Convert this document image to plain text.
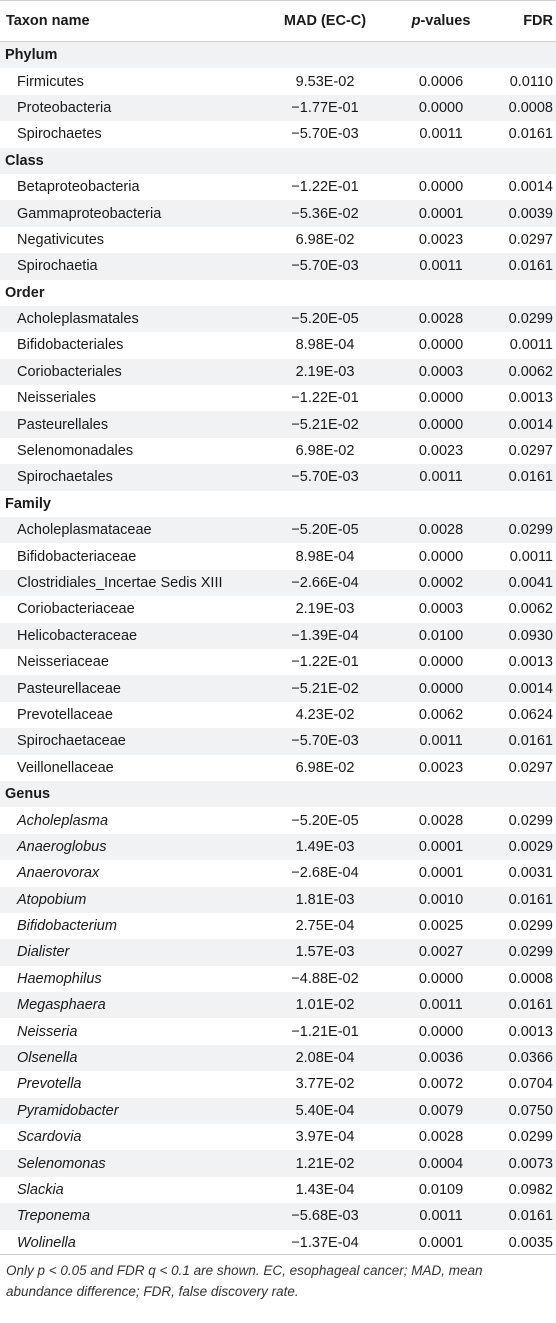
Taxon name	MAD (EC-C)	p -values	FDR
Phylum
Firmicutes	9.53E-02	0.0006	0.0110
Proteobacteria	−1.77E-01	0.0000	0.0008
Spirochaetes	−5.70E-03	0.0011	0.0161
Class
Betaproteobacteria	−1.22E-01	0.0000	0.0014
Gammaproteobacteria	−5.36E-02	0.0001	0.0039
Negativicutes	6.98E-02	0.0023	0.0297
Spirochaetia	−5.70E-03	0.0011	0.0161
Order
Acholeplasmatales	−5.20E-05	0.0028	0.0299
Bifidobacteriales	8.98E-04	0.0000	0.0011
Coriobacteriales	2.19E-03	0.0003	0.0062
Neisseriales	−1.22E-01	0.0000	0.0013
Pasteurellales	−5.21E-02	0.0000	0.0014
Selenomonadales	6.98E-02	0.0023	0.0297
Spirochaetales	−5.70E-03	0.0011	0.0161
Family
Acholeplasmataceae	−5.20E-05	0.0028	0.0299
Bifidobacteriaceae	8.98E-04	0.0000	0.0011
Clostridiales_Incertae Sedis XIII	−2.66E-04	0.0002	0.0041
Coriobacteriaceae	2.19E-03	0.0003	0.0062
Helicobacteraceae	−1.39E-04	0.0100	0.0930
Neisseriaceae	−1.22E-01	0.0000	0.0013
Pasteurellaceae	−5.21E-02	0.0000	0.0014
Prevotellaceae	4.23E-02	0.0062	0.0624
Spirochaetaceae	−5.70E-03	0.0011	0.0161
Veillonellaceae	6.98E-02	0.0023	0.0297
Genus
Acholeplasma	−5.20E-05	0.0028	0.0299
Anaeroglobus	1.49E-03	0.0001	0.0029
Anaerovorax	−2.68E-04	0.0001	0.0031
Atopobium	1.81E-03	0.0010	0.0161
Bifidobacterium	2.75E-04	0.0025	0.0299
Dialister	1.57E-03	0.0027	0.0299
Haemophilus	−4.88E-02	0.0000	0.0008
Megasphaera	1.01E-02	0.0011	0.0161
Neisseria	−1.21E-01	0.0000	0.0013
Olsenella	2.08E-04	0.0036	0.0366
Prevotella	3.77E-02	0.0072	0.0704
Pyramidobacter	5.40E-04	0.0079	0.0750
Scardovia	3.97E-04	0.0028	0.0299
Selenomonas	1.21E-02	0.0004	0.0073
Slackia	1.43E-04	0.0109	0.0982
Treponema	−5.68E-03	0.0011	0.0161
Wolinella	−1.37E-04	0.0001	0.0035
Only p < 0.05 and FDR q < 0.1 are shown. EC, esophageal cancer; MAD, mean abundance difference; FDR, false discovery rate.
